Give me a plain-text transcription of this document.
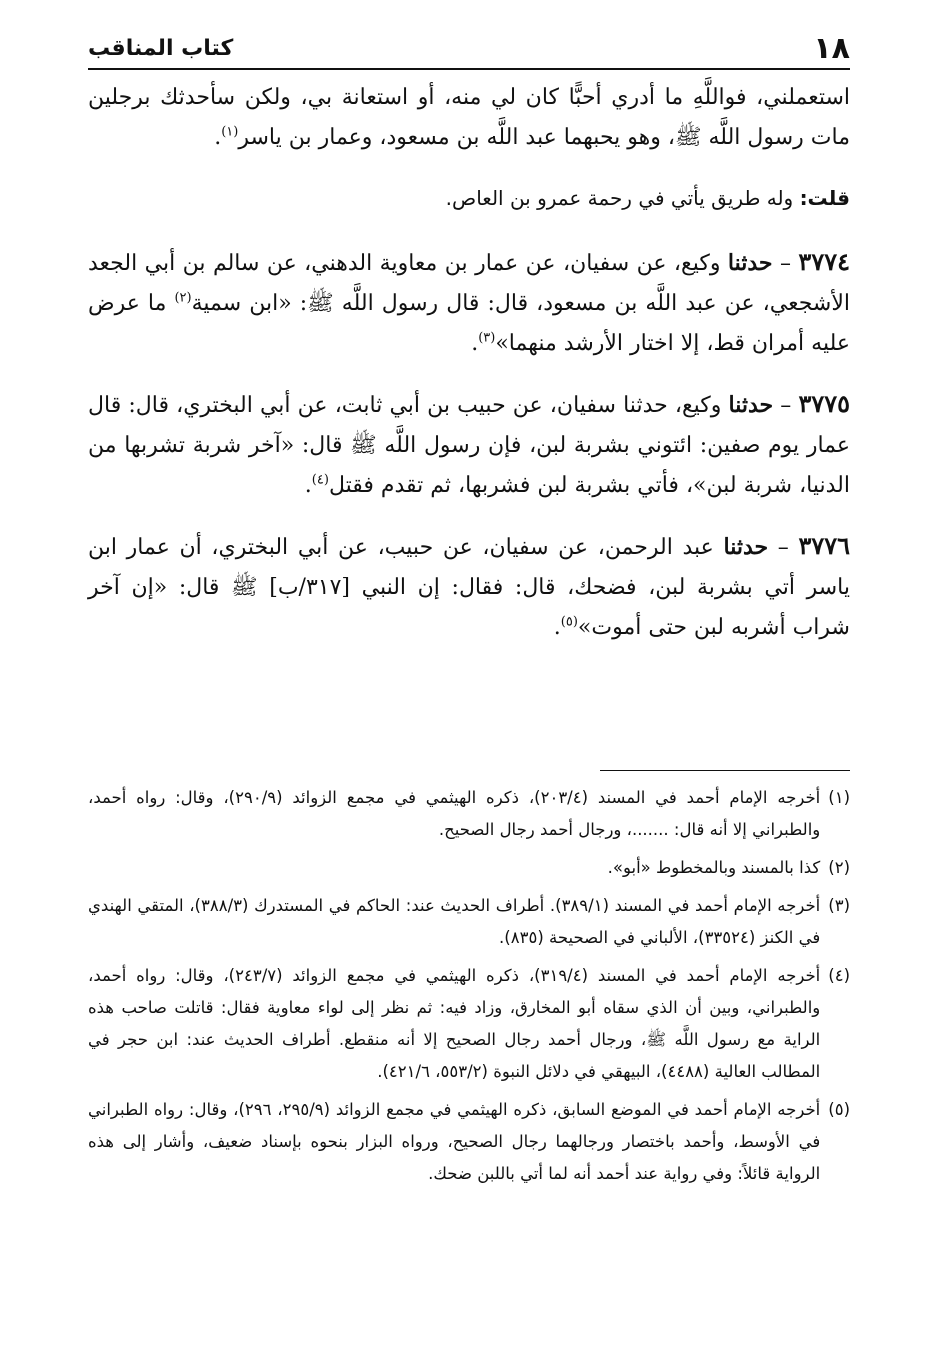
١٨
كتاب المناقب

استعملني، فواللَّهِ ما أدري أحبًّا كان لي منه، أو استعانة بي، ولكن سأحدثك برجلين مات رسول اللَّه ﷺ، وهو يحبهما عبد اللَّه بن مسعود، وعمار بن ياسر$^{(١)}$.

قلت: وله طريق يأتي في رحمة عمرو بن العاص.

٣٧٧٤ – حدثنا وكيع، عن سفيان، عن عمار بن معاوية الدهني، عن سالم بن أبي الجعد الأشجعي، عن عبد اللَّه بن مسعود، قال: قال رسول اللَّه ﷺ: «ابن سمية$^{(٢)}$ ما عرض عليه أمران قط، إلا اختار الأرشد منهما»$^{(٣)}$.

٣٧٧٥ – حدثنا وكيع، حدثنا سفيان، عن حبيب بن أبي ثابت، عن أبي البختري، قال: قال عمار يوم صفين: ائتوني بشربة لبن، فإن رسول اللَّه ﷺ قال: «آخر شربة تشربها من الدنيا، شربة لبن»، فأتي بشربة لبن فشربها، ثم تقدم فقتل$^{(٤)}$.

٣٧٧٦ – حدثنا عبد الرحمن، عن سفيان، عن حبيب، عن أبي البختري، أن عمار ابن ياسر أتي بشربة لبن، فضحك، قال: فقال: إن النبي [٣١٧/ب] ﷺ قال: «إن آخر شراب أشربه لبن حتى أموت»$^{(٥)}$.

(١)
أخرجه الإمام أحمد في المسند (٢٠٣/٤)، ذكره الهيثمي في مجمع الزوائد (٢٩٠/٩)، وقال: رواه أحمد، والطبراني إلا أنه قال: .......، ورجال أحمد رجال الصحيح.
(٢)
كذا بالمسند وبالمخطوط «أبو».
(٣)
أخرجه الإمام أحمد في المسند (٣٨٩/١). أطراف الحديث عند: الحاكم في المستدرك (٣٨٨/٣)، المتقي الهندي في الكنز (٣٣٥٢٤)، الألباني في الصحيحة (٨٣٥).
(٤)
أخرجه الإمام أحمد في المسند (٣١٩/٤)، ذكره الهيثمي في مجمع الزوائد (٢٤٣/٧)، وقال: رواه أحمد، والطبراني، وبين أن الذي سقاه أبو المخارق، وزاد فيه: ثم نظر إلى لواء معاوية فقال: قاتلت صاحب هذه الراية مع رسول اللَّه ﷺ، ورجال أحمد رجال الصحيح إلا أنه منقطع. أطراف الحديث عند: ابن حجر في المطالب العالية (٤٤٨٨)، البيهقي في دلائل النبوة (٥٥٣/٢، ٤٢١/٦).
(٥)
أخرجه الإمام أحمد في الموضع السابق، ذكره الهيثمي في مجمع الزوائد (٢٩٥/٩، ٢٩٦)، وقال: رواه الطبراني في الأوسط، وأحمد باختصار ورجالهما رجال الصحيح، ورواه البزار بنحوه بإسناد ضعيف، وأشار إلى هذه الرواية قائلاً: وفي رواية عند أحمد أنه لما أتي باللبن ضحك.
